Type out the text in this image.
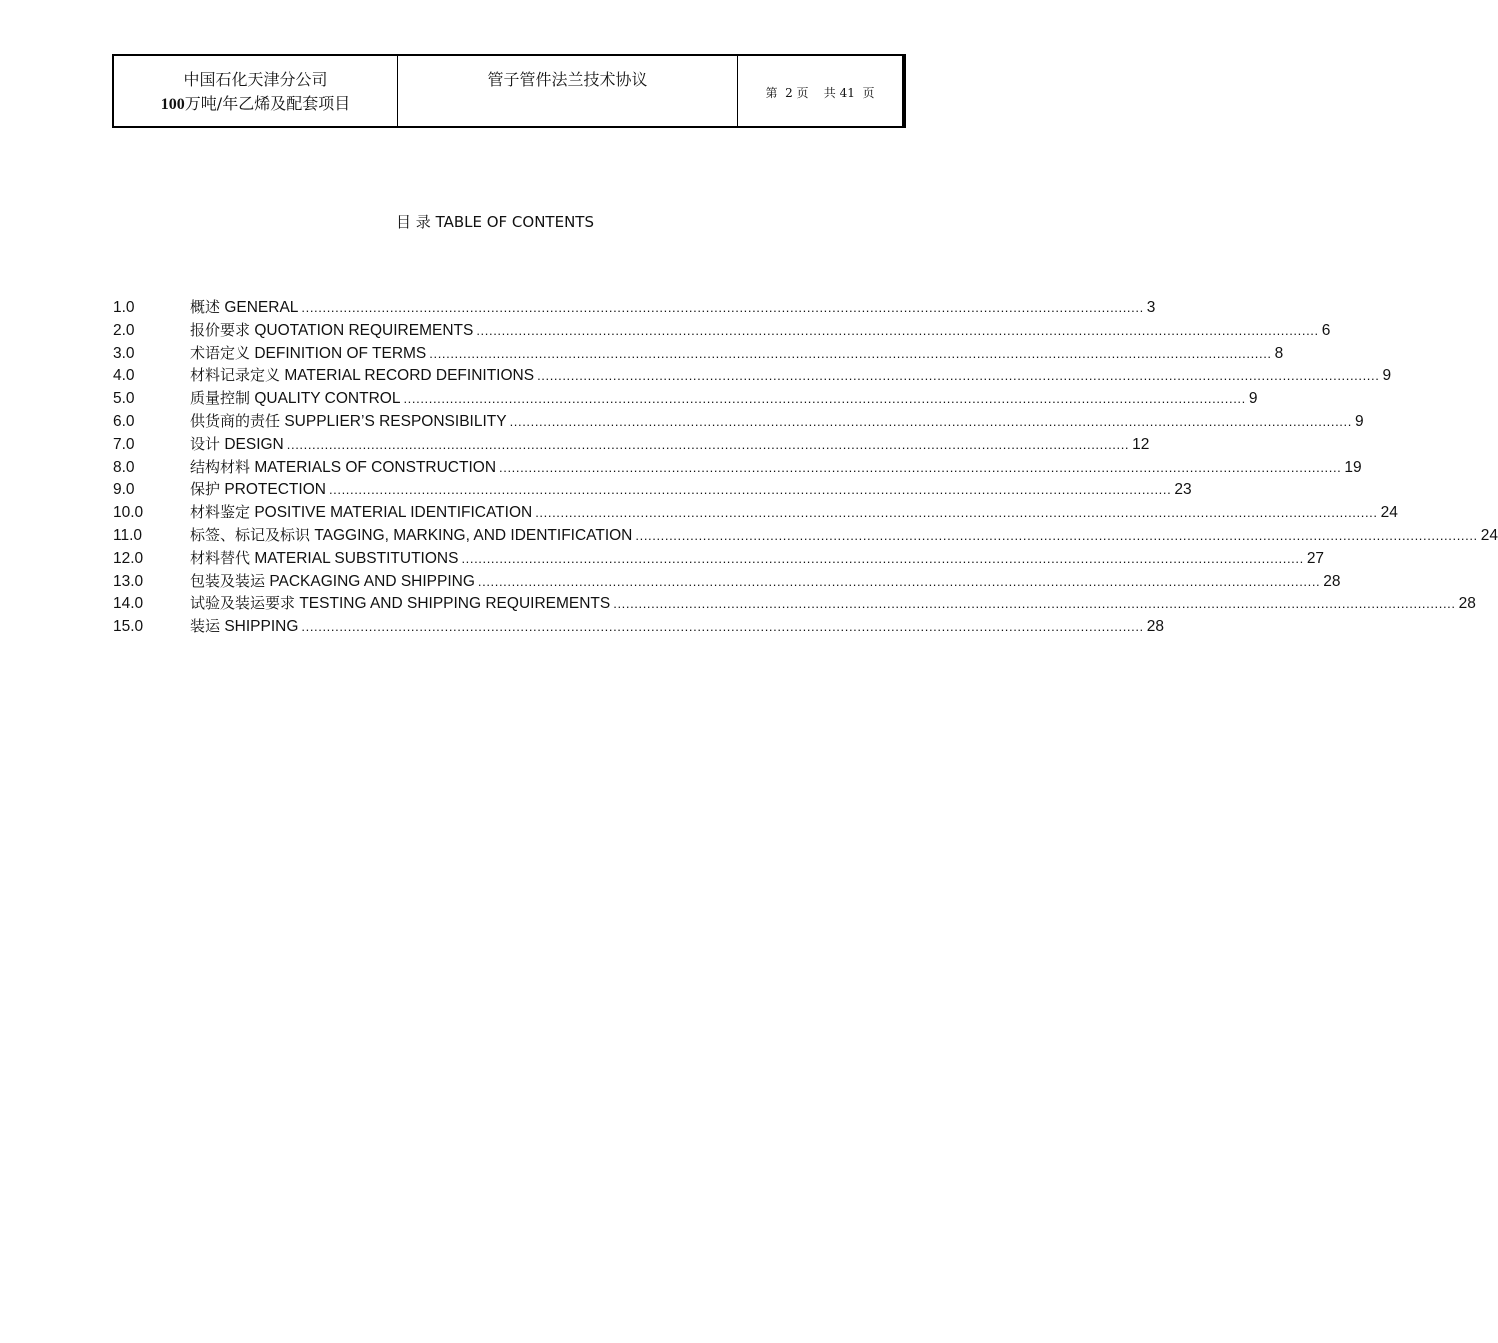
中国石化天津分公司
100万吨/年乙烯及配套项目
管子管件法兰技术协议
第  2 页    共 41  页
目 录 TABLE OF CONTENTS
1.0	概述 GENERAL ........................................................................................................................................................................................................ 3
2.0	报价要求 QUOTATION REQUIREMENTS ........................................................................................................................................................................................................ 6
3.0	术语定义 DEFINITION OF TERMS ........................................................................................................................................................................................................ 8
4.0	材料记录定义 MATERIAL RECORD DEFINITIONS ........................................................................................................................................................................................................ 9
5.0	质量控制 QUALITY CONTROL ........................................................................................................................................................................................................ 9
6.0	供货商的责任 SUPPLIER’S RESPONSIBILITY ........................................................................................................................................................................................................ 9
7.0	设计 DESIGN ........................................................................................................................................................................................................ 12
8.0	结构材料 MATERIALS OF CONSTRUCTION ........................................................................................................................................................................................................ 19
9.0	保护 PROTECTION ........................................................................................................................................................................................................ 23
10.0	材料鉴定 POSITIVE MATERIAL IDENTIFICATION ........................................................................................................................................................................................................ 24
11.0	标签、标记及标识 TAGGING, MARKING, AND IDENTIFICATION ........................................................................................................................................................................................................ 24
12.0	材料替代 MATERIAL SUBSTITUTIONS ........................................................................................................................................................................................................ 27
13.0	包装及装运 PACKAGING AND SHIPPING ........................................................................................................................................................................................................ 28
14.0	试验及装运要求 TESTING AND SHIPPING REQUIREMENTS ........................................................................................................................................................................................................ 28
15.0	装运 SHIPPING ........................................................................................................................................................................................................ 28
